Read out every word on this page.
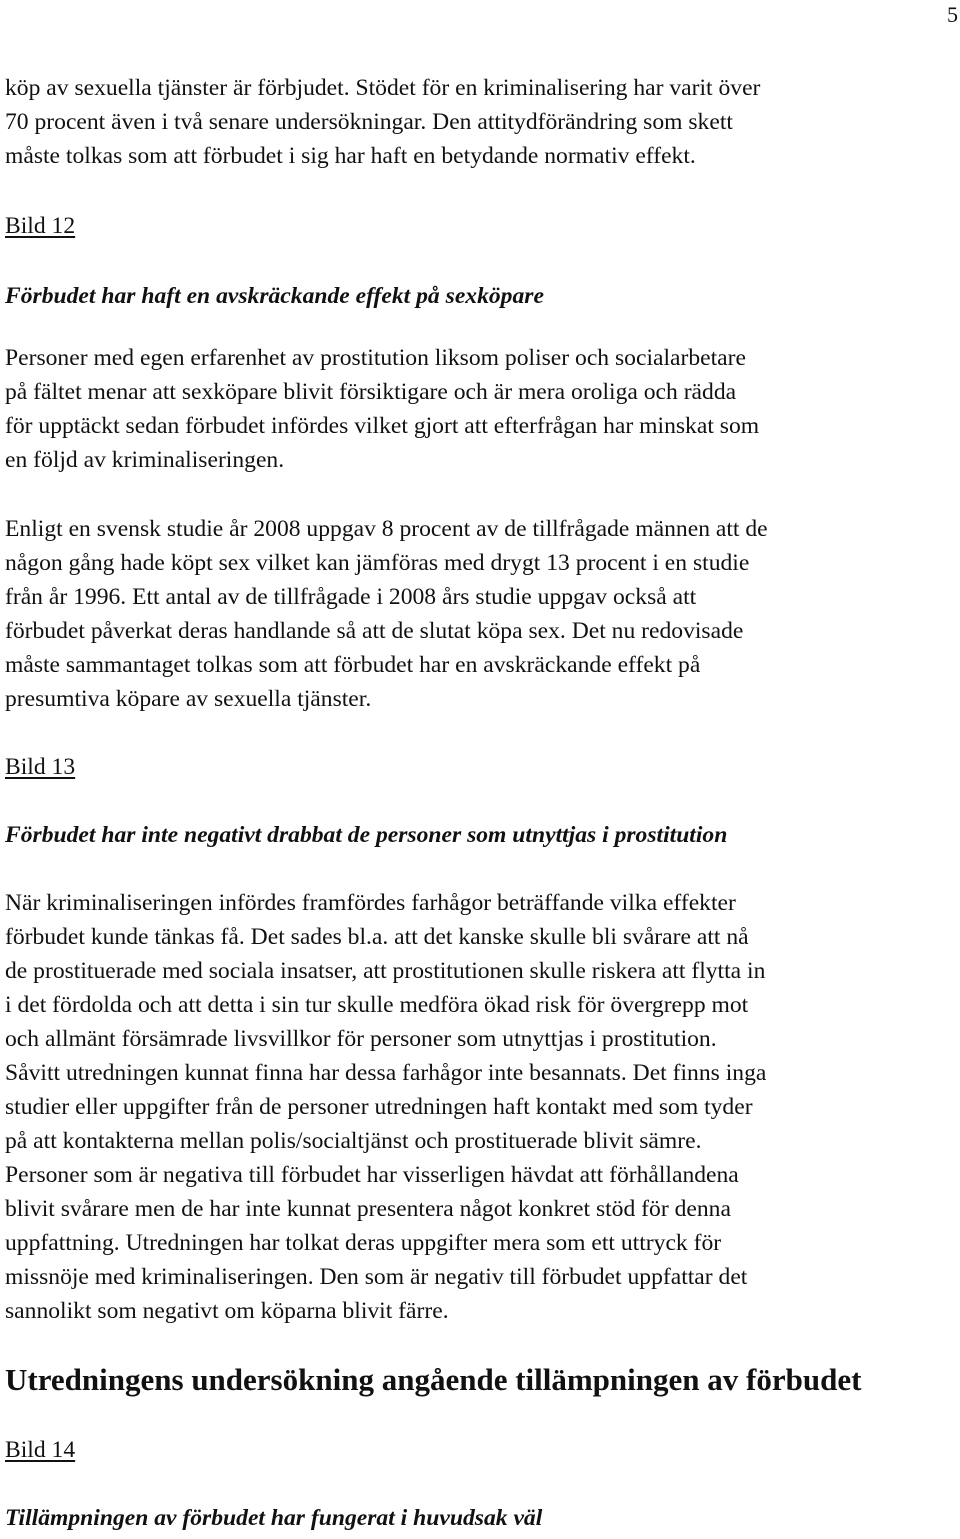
5

köp av sexuella tjänster är förbjudet. Stödet för en kriminalisering har varit över
70 procent även i två senare undersökningar. Den attitydförändring som skett
måste tolkas som att förbudet i sig har haft en betydande normativ effekt.

Bild 12

Förbudet har haft en avskräckande effekt på sexköpare

Personer med egen erfarenhet av prostitution liksom poliser och socialarbetare
på fältet menar att sexköpare blivit försiktigare och är mera oroliga och rädda
för upptäckt sedan förbudet infördes vilket gjort att efterfrågan har minskat som
en följd av kriminaliseringen.

Enligt en svensk studie år 2008 uppgav 8 procent av de tillfrågade männen att de
någon gång hade köpt sex vilket kan jämföras med drygt 13 procent i en studie
från år 1996. Ett antal av de tillfrågade i 2008 års studie uppgav också att
förbudet påverkat deras handlande så att de slutat köpa sex. Det nu redovisade
måste sammantaget tolkas som att förbudet har en avskräckande effekt på
presumtiva köpare av sexuella tjänster.

Bild 13

Förbudet har inte negativt drabbat de personer som utnyttjas i prostitution

När kriminaliseringen infördes framfördes farhågor beträffande vilka effekter
förbudet kunde tänkas få. Det sades bl.a. att det kanske skulle bli svårare att nå
de prostituerade med sociala insatser, att prostitutionen skulle riskera att flytta in
i det fördolda och att detta i sin tur skulle medföra ökad risk för övergrepp mot
och allmänt försämrade livsvillkor för personer som utnyttjas i prostitution.
Såvitt utredningen kunnat finna har dessa farhågor inte besannats. Det finns inga
studier eller uppgifter från de personer utredningen haft kontakt med som tyder
på att kontakterna mellan polis/socialtjänst och prostituerade blivit sämre.
Personer som är negativa till förbudet har visserligen hävdat att förhållandena
blivit svårare men de har inte kunnat presentera något konkret stöd för denna
uppfattning. Utredningen har tolkat deras uppgifter mera som ett uttryck för
missnöje med kriminaliseringen. Den som är negativ till förbudet uppfattar det
sannolikt som negativt om köparna blivit färre.

Utredningens undersökning angående tillämpningen av förbudet

Bild 14

Tillämpningen av förbudet har fungerat i huvudsak väl
